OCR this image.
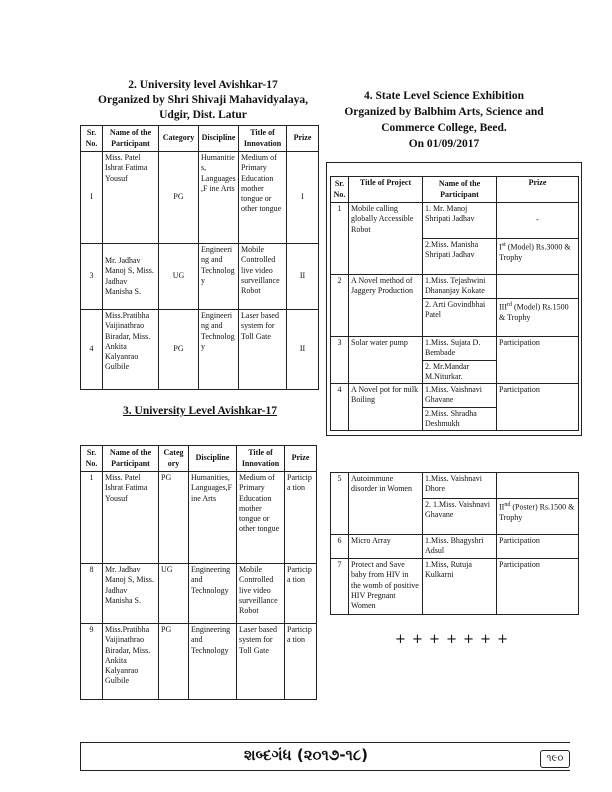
2. University level Avishkar-17
Organized by Shri Shivaji Mahavidyalaya,
Udgir, Dist. Latur
Sr. No.	Name of the Participant	Category	Discipline	Title of Innovation	Prize
I	Miss. Patel Ishrat Fatima Yousuf	PG	Humanities, Languages,F ine Arts	Medium of Primary Education mother tongue or other tongue	I
3	Mr. Jadhav Manoj S, Miss. Jadhav Manisha S.	UG	Engineering and Technology	Mobile Controlled live video surveillance Robot	II
4	Miss.Pratibha Vaijinathrao Biradar, Miss. Ankita Kalyanrao Gulbile	PG	Engineering and Technology	Laser based system for Toll Gate	II
3. University Level Avishkar-17
Sr. No.	Name of the Participant	Categ ory	Discipline	Title of Innovation	Prize
1	Miss. Patel Ishrat Fatima Yousuf	PG	Humanities, Languages,F ine Arts	Medium of Primary Education mother tongue or other tongue	Participa tion
8	Mr. Jadhav Manoj S, Miss. Jadhav Manisha S.	UG	Engineering and Technology	Mobile Controlled live video surveillance Robot	Participa tion
9	Miss.Pratibha Vaijinathrao Biradar, Miss. Ankita Kalyanrao Gulbile	PG	Engineering and Technology	Laser based system for Toll Gate	Participa tion
4. State Level Science Exhibition
Organized by Balbhim Arts, Science and
Commerce College, Beed.
On 01/09/2017
Sr. No.	Title of Project	Name of the Participant	Prize
1	Mobile calling globally Accessible Robot	1. Mr. Manoj Shripati Jadhav	-
		2.Miss. Manisha Shripati Jadhav	Ist (Model) Rs.3000 & Trophy
2	A Novel method of Jaggery Production	1.Miss. Tejashwini Dhananjay Kokate	
		2. Arti Govindbhai Patel	IIIrd (Model) Rs.1500 & Trophy
3	Solar water pump	1.Miss. Sujata D. Bembade	Participation
		2. Mr.Mandar M.Niturkar.	
4	A Novel pot for milk Boiling	1.Miss. Vaishnavi Ghavane	Participation
		2.Miss. Shradha Deshmukh	
5	Autoimmune disorder in Women	1.Miss. Vaishnavi Dhore	
		2. 1.Miss. Vaishnavi Ghavane	IInd (Poster) Rs.1500 & Trophy
6	Micro Array	1.Miss. Bhagyshri Adsul	Participation
7	Protect and Save baby from HIV in the womb of positive HIV Pregnant Women	1.Miss, Rutuja Kulkarni	Participation
+ + + + + + +
શબ્દગંધ (૨૦૧૭-૧૮)	૧૯૦
